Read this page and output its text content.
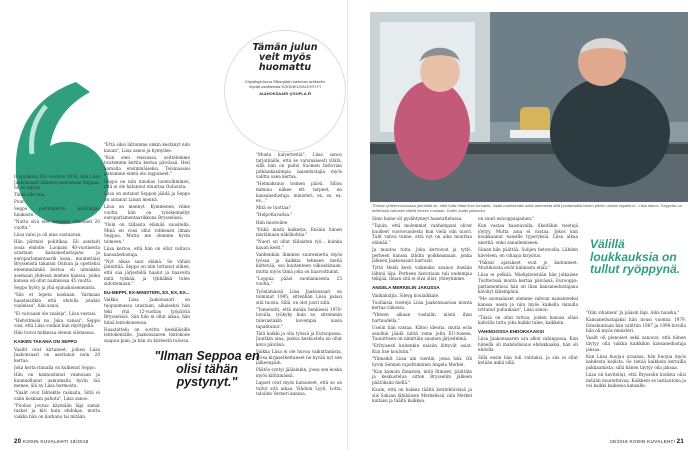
Il syyskuun Iltа vuoteva 2018, kun Liisa Jaakonsaari lähtenti puolestaan Seppoa. Se oli kiptys.

Tämä olle tiuo.

Puut.

Seppo perintikertoi päättänjaa haukaste.

"Nuttu siva olet samassa vilmeinet 20 vuotta."

Liisa valui ja oli aina vastaavan.

Hän pärmivi poliitikaa. Eli aseitaiti sosia ehdolle. Luopaisi 40-vuotisesta urastaan kansanedustajana ja europarlamentaarik kona, muutettaisi Brysselistä takaisin Ouluun ja opettelisi eteenmeäänkä kertoa oli uimankin asemaan yhdessä miehen kanssa, jonka kanssa oli ollut naimisissa 45 vuotta.

Seppo hyöty ja yhä epäuskoisenenista.

"Siis et lopeta koskaan. Varmaan haastaisitkin että ehdolla jotakin vaaleissa", hän sanoi.

"Ei vaivaaan ole vaalejа", Liisa vastasi.

"Hehvitmeiä no. Joka vanssi", Seppo vasi, että Liisa voimat kun myötyjellä.

Hän toivoi mitkessa oleeun silomassa.

KAIKEN TAKANA ON SEPPO

Vaallit ovat kirtaneet, joihon Liisa Jaakonsaari on asettanut noin 20 kertaa.

Joka kerta rinnalla on kulkenut Seppo.

Hän on kannustanut vaimoaan ja kuunnellanut aamumalla hyvin tää menee, älä ny Liisa hermostu.

"Vaalit ovat lähtektle raskaita. Siltä ei valin koskaan pahuta", Liisa sanoo.

"Puoliso joutuu käymään läpi samat tuskat ja kiri kuin ehdokas, mutta vaikka hän on karkana tai mitään.

"Että siksi lättomme onkin kestänyt niin kauan", Liisa sanoo ja hymyilee.

"Kun olen reissussa, soittelemme toistemme kertta kertaa päivässä. Heti aamulla ensimmäiseksi. Toisinaasiei puhumme eimtä elo loppuneet."

Seppo on niin innokas luontoihminen, että ei ole halunnut muuttaa Ouluusta.

Liisa on antanut Seppon jäädä ja Seppo on antanut Liisan mennä.

Liisa on mennyt. Kymmenen viime vuotta hän on työskennellyt europarlamentaarikkona Brysselissä.

"Iloin on tällaista elämää suositella. Minä en voisi ollut rohkeasti ilman Seppoa. Mutta me olemme hyvin toimeen."

Liisa kertoo, että hän on ollut valtava kansanedustaja.

"Nyt aikaa saat elämä. Se vähän jännittää. Seppo on niin tottunut siihen, että saa järjestellä haalut ja haaveita mitä tykkää, ja tykkäkkä tulen sidottemaan."

EU-MEPPI, EX-MINISTERI, EX, EX, EX...

Vaikka Liisa Jaakonsaari on tuopuomassa urastaan, aikaiseksi hän teki yhä 12-vuotias työpäiviä Brysselissä. Siin hän ei ollut aikaa, hän hiinä lentokoneessa.

Haastattelu on sovittu keskiläisille lentokentälle. Jaakonsaaren lentokone saapuu pian, ja hän on kiireestä tulossa.

"Musta kaivertettiä", Liisa sanoo tarjotilaille, että se varsinaisesti yllätä, sillä hän on paitsi Suomen historian pitkäaikaisimpia naisedustajia myös valittu usea kertaa.

"Heimaksuus toimen päivä. Sillon mimina näkee ett. tarpeet, en kansanedustaja, ministeri, ex, ex, ex, ex..."

Mitä se tuottaa?

"Helpottavaltsa."

Hän muotoilee.

"Enkä mistä kaikesta. Ensäin hänen mistämaan näkökohtia."

"Nuori on ollut tällaisten työ... kuinka kauan kesti."

Vanhenkiin ihminen suurennetta myös työssa ja kaikkia tehneen meitä kättevää, osa kuutenteen vilkoskistaan, mutta myös tämä joka on haavoittunut.

"Loppua pääsi suomalaisesta 25 vuotta."

Työelämässä Liisa Jaakonsaari on toiminut 1995, sittenhän Liisa palasi sitä tuosta. Sillä, on olet juuri siitä.

"Tometsitti, että minän henkisesi 1970-luvulla, työkyky kuin se, sittemmin tulevastakin kovempia uusia tapahtunut."

Tätä kaikki ja olla työssä ja Euroopassa. Juurikin aina, joskus keskustelu on ollut kova päivänä.

Vaikka Liisa ei ole huvoa vaikuttamista, työsa kirjasetkettaneet ne hyvää nyt sen jälkeenpäin.

Päätös syntyi jäälainkin, jossa sen koska myös kiittämässä.

Lapset ovat myös katsoneet, että se on tullut sitä aikaa. Vihdoin Lyyli, Lotta, taloilen Verneri kanssa.

"Ilman Seppoa en olisi tähän pystynyt."
20 KODIN KUVALEHTI 18/2018
Tämän julun
veit myös
huomattu
Kirjoittaja Anna Sillanpään lukeman artikkelin löydät osoitteesta KODINKUVALEHTI.FI
JAAHOKSAARI @SUPLA.FI
18/2018 KODIN KUVALEHTI 21
"Entisin yhteenmuutossa jännittää se, ettei tulisi riitaa ihan turhasta. Vaalit molemmilla uutta asemesta sillä puutamattia loisen pienin urkisin tapahtuu", Liisa sanoo. Seppolla on keittiössä vahvasti edellä ilmeen mukaan. Duten-kodin jakkevko.

Simo kaine oli pysähtyneyt haastattelussa.

"Tajuin, että molemmat vanhempani olivat kuolleet vuorovuodesta kun vielä olin nuori. Tulit vahva tunne, että nyt on aika muuttaa elämää."

Ja muutos totta. Joka kertoivat ja tyttö, perheen kanssa lähdin poikkeamaan, jonka jälkeen Jaakonsaari harrasti.

Tyttö Heidi kesti vaikeaksi saunoo itseään lähteä läpi. Perheen historiaan tuli uudempia tekijää. Ilman sitä ei olisi ollut, yhteytimme.

ANGELA MERKELIN JAKUSSA

Vanhakuljia. Sileyg koulaikkale.

Tuollaisia viestejä Liisa Jaakonsaarasa monta kertaa viikossa.

"Yhteen aikaan vastailin niistä ihan hartaudella."

Useiin hän vastaa. Kiltoo ideoita, mutta eräs asioihin jäädä niiltä rame jolta EU-tuseen. Tuonittisen on nimittäin suomen järjestelmä.

"Erityisesti kuitenkin naisiin liittyvät asiat. Kun itse koulutin."

"Ylimeikit Liisa uni vientin, jossa loki. Oli hyvin Sennen rajoittuminen Angela Merkel.

"Kun kamoin ihmisten, mitä Ihmiset, päättäin ja keskustelua sitten Brysseliin jälkeen päätöksiin hiellä."

Kaum, että on kaikea täältä kotitehtävissä ja siis Saksan lähikäisen Merkelissä, niin Merkel kultaisi ja täältä kaikkea.

on suuri esivoppaajainen."

Kun vastaa haastavalla, ilkeitäkin viestejä löytyy, Mutta aina ei vastaa. Jokos kun koukkaanut naiselle typeryksiä. Liisa alkaa miettiä, onko sanailemiseen.

Siinen hän päättää. Sulijen tietotoolla. Lähden käveleen, en vihaaja kirjoitus.

"Paksut ajatukset ovat jo kadonneet. Mustikoista eivät kiinnosta enää."

Liisa ei pelkää. Mielipiteistään hän julkaisee Twitterissä monta kertaa päivässä. Eurooppa-parlamentissa hän on ihan kansanedustajana kävinyt lähempänä.

"Me suomalaiset olemme vahvan naisanteeksi kanssa usein ja niin myös kaikella minulla tottunut puhumaan", Liisa sanoo.

"Tässä on ollut tuttua, joiden kanssa ollan kahvilla tuttu joka kaikki tulee, kaikkein.

VAHINGOSSA EHDOKKAAKSI

Liisa Jaakonsaaren ura alkoi vahingossa. Kun hänellä oli mahdollisuus ehdokkaaksi, hän oli ehdolla.

Sillä ensin hän tuli valituksi, ja siis ei ollut ketään mikä sillä.

Välillä loukkauksia on tullut ryöppynä.

"Olin vihainen! Ja pääsin läpi. Aika hauska."

Kansanedustajaksi hän nousi vuonna 1979. Eduskuntaan hän valittiin 1987 ja 1990-luvulla hän oli myös ministeri.

Vaalit oli pienoiset sekä sanovat, että hänen täytyy olla vaikka kaikkikin kansanedustaja jaksaa.

Kun Liisa huojuu uraansa, hän huojuu myös kahdesta kodista. Se tietää kaikkein kertailla pakkaamista, sillä hänen täytyy olla jaksaa.

Liisa oli kuvitellut, että Brysselin kodista olisi mitään muutettavaa. Kaikkein se lastiautona ja vei kaikki kaikessa kansalle.
